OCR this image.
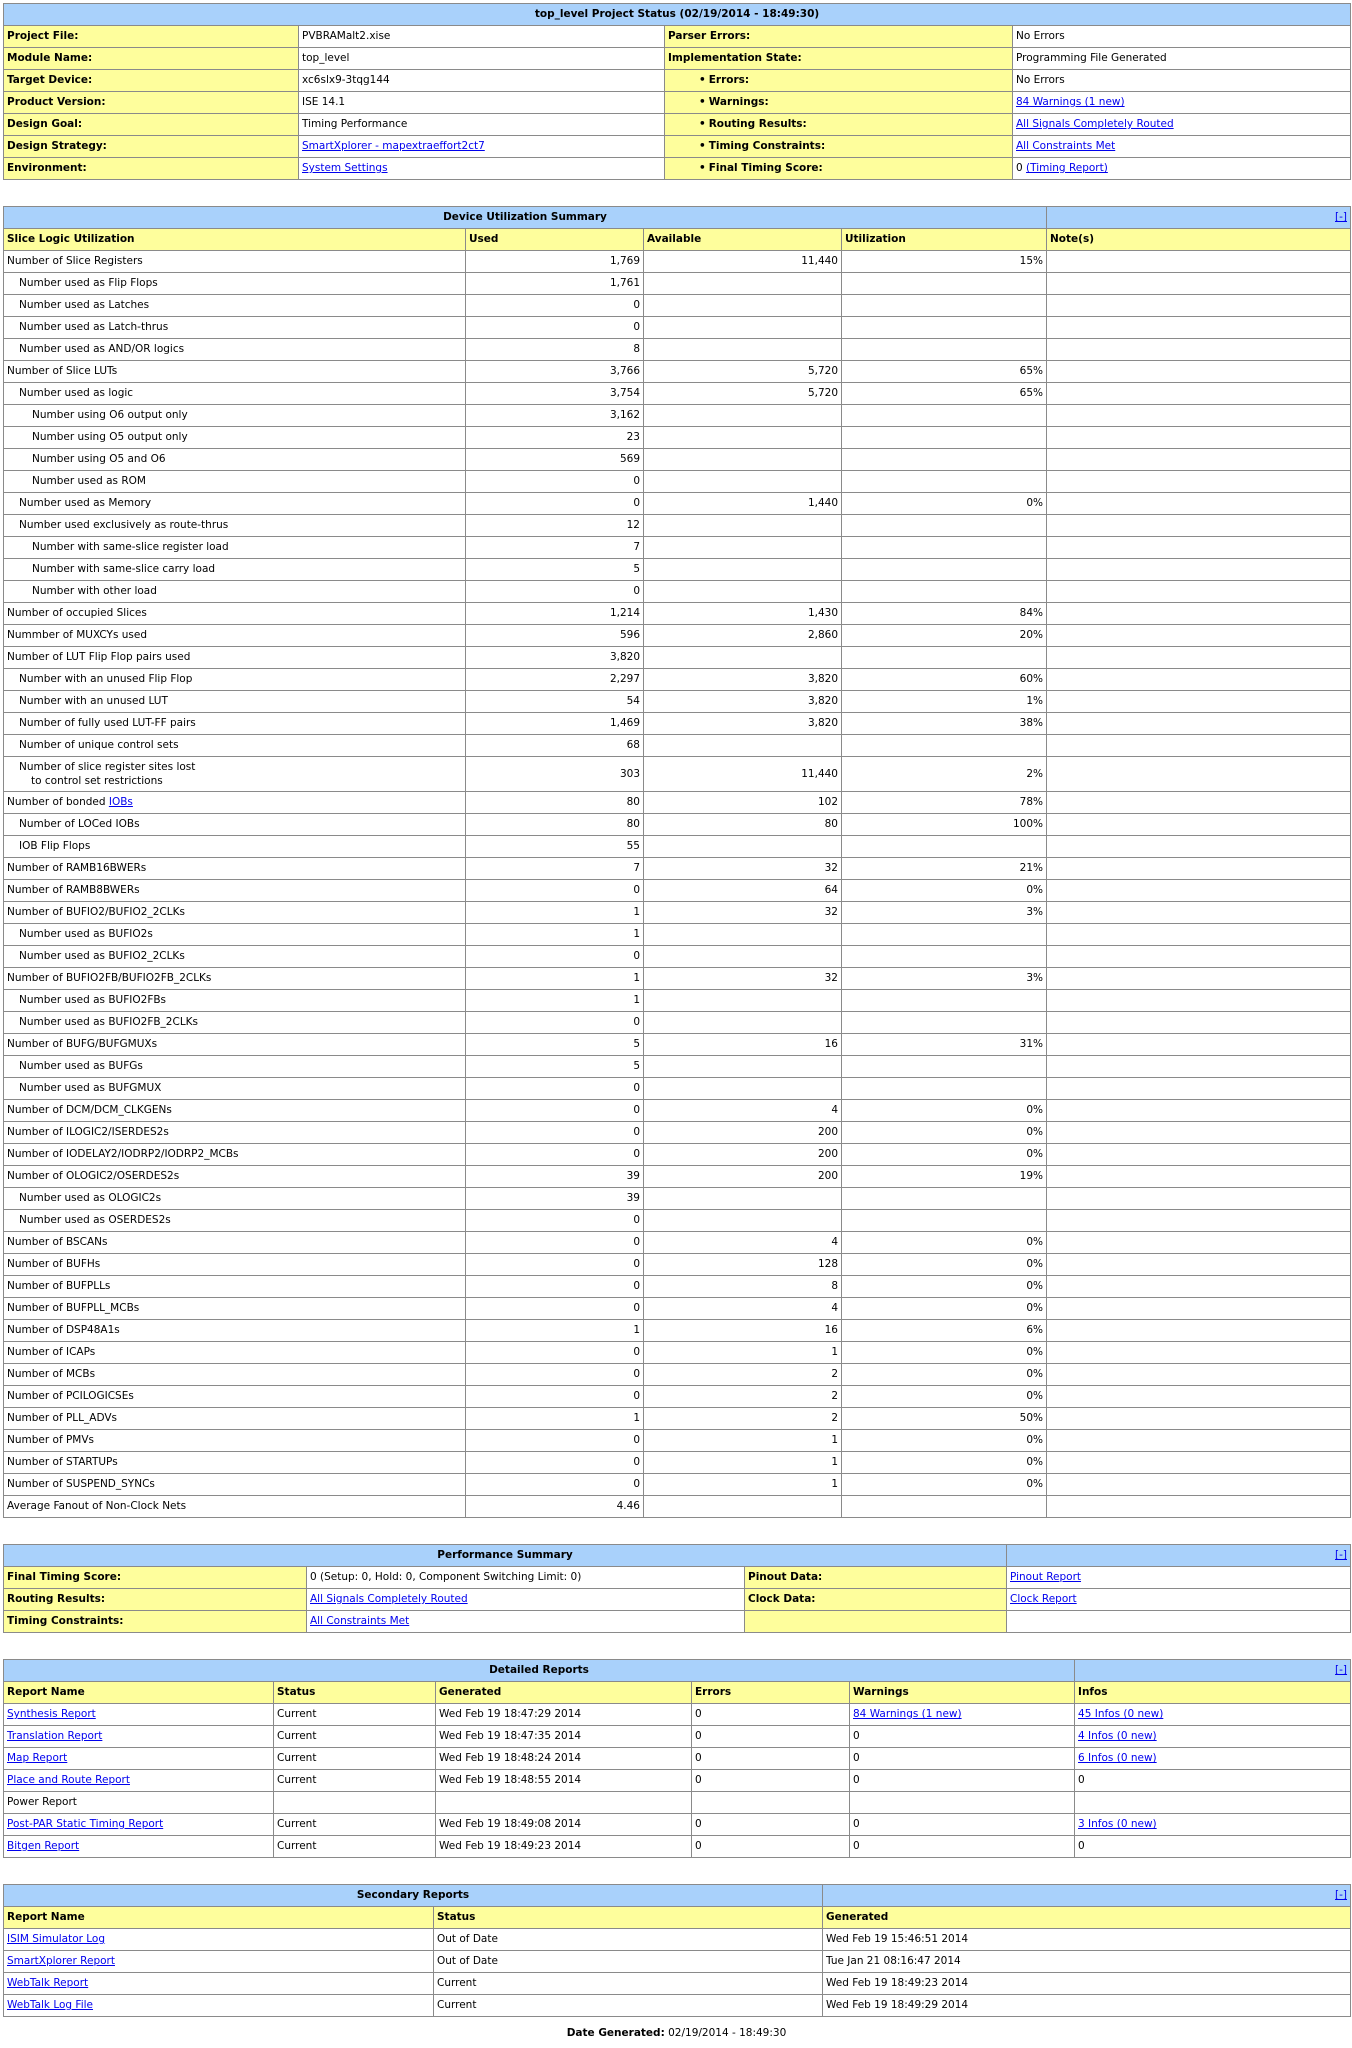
top_level Project Status (02/19/2014 - 18:49:30)			
Project File:	PVBRAMalt2.xise	Parser Errors:	No Errors
Module Name:	top_level	Implementation State:	Programming File Generated
Target Device:	xc6slx9-3tqg144	• Errors:	No Errors
Product Version:	ISE 14.1	• Warnings:	84 Warnings (1 new)
Design Goal:	Timing Performance	• Routing Results:	All Signals Completely Routed
Design Strategy:	SmartXplorer - mapextraeffort2ct7	• Timing Constraints:	All Constraints Met
Environment:	System Settings	• Final Timing Score:	0 (Timing Report)
Device Utilization Summary				[-]
Slice Logic Utilization	Used	Available	Utilization	Note(s)
Number of Slice Registers	1,769	11,440	15%	
Number used as Flip Flops	1,761			
Number used as Latches	0			
Number used as Latch-thrus	0			
Number used as AND/OR logics	8			
Number of Slice LUTs	3,766	5,720	65%	
Number used as logic	3,754	5,720	65%	
Number using O6 output only	3,162			
Number using O5 output only	23			
Number using O5 and O6	569			
Number used as ROM	0			
Number used as Memory	0	1,440	0%	
Number used exclusively as route-thrus	12			
Number with same-slice register load	7			
Number with same-slice carry load	5			
Number with other load	0			
Number of occupied Slices	1,214	1,430	84%	
Nummber of MUXCYs used	596	2,860	20%	
Number of LUT Flip Flop pairs used	3,820			
Number with an unused Flip Flop	2,297	3,820	60%	
Number with an unused LUT	54	3,820	1%	
Number of fully used LUT-FF pairs	1,469	3,820	38%	
Number of unique control sets	68			
Number of slice register sites lost
to control set restrictions	303	11,440	2%	
Number of bonded IOBs	80	102	78%	
Number of LOCed IOBs	80	80	100%	
IOB Flip Flops	55			
Number of RAMB16BWERs	7	32	21%	
Number of RAMB8BWERs	0	64	0%	
Number of BUFIO2/BUFIO2_2CLKs	1	32	3%	
Number used as BUFIO2s	1			
Number used as BUFIO2_2CLKs	0			
Number of BUFIO2FB/BUFIO2FB_2CLKs	1	32	3%	
Number used as BUFIO2FBs	1			
Number used as BUFIO2FB_2CLKs	0			
Number of BUFG/BUFGMUXs	5	16	31%	
Number used as BUFGs	5			
Number used as BUFGMUX	0			
Number of DCM/DCM_CLKGENs	0	4	0%	
Number of ILOGIC2/ISERDES2s	0	200	0%	
Number of IODELAY2/IODRP2/IODRP2_MCBs	0	200	0%	
Number of OLOGIC2/OSERDES2s	39	200	19%	
Number used as OLOGIC2s	39			
Number used as OSERDES2s	0			
Number of BSCANs	0	4	0%	
Number of BUFHs	0	128	0%	
Number of BUFPLLs	0	8	0%	
Number of BUFPLL_MCBs	0	4	0%	
Number of DSP48A1s	1	16	6%	
Number of ICAPs	0	1	0%	
Number of MCBs	0	2	0%	
Number of PCILOGICSEs	0	2	0%	
Number of PLL_ADVs	1	2	50%	
Number of PMVs	0	1	0%	
Number of STARTUPs	0	1	0%	
Number of SUSPEND_SYNCs	0	1	0%	
Average Fanout of Non-Clock Nets	4.46			
Performance Summary			[-]
Final Timing Score:	0 (Setup: 0, Hold: 0, Component Switching Limit: 0)	Pinout Data:	Pinout Report
Routing Results:	All Signals Completely Routed	Clock Data:	Clock Report
Timing Constraints:	All Constraints Met		
Detailed Reports					[-]
Report Name	Status	Generated	Errors	Warnings	Infos
Synthesis Report	Current	Wed Feb 19 18:47:29 2014	0	84 Warnings (1 new)	45 Infos (0 new)
Translation Report	Current	Wed Feb 19 18:47:35 2014	0	0	4 Infos (0 new)
Map Report	Current	Wed Feb 19 18:48:24 2014	0	0	6 Infos (0 new)
Place and Route Report	Current	Wed Feb 19 18:48:55 2014	0	0	0
Power Report					
Post-PAR Static Timing Report	Current	Wed Feb 19 18:49:08 2014	0	0	3 Infos (0 new)
Bitgen Report	Current	Wed Feb 19 18:49:23 2014	0	0	0
Secondary Reports		[-]
Report Name	Status	Generated
ISIM Simulator Log	Out of Date	Wed Feb 19 15:46:51 2014
SmartXplorer Report	Out of Date	Tue Jan 21 08:16:47 2014
WebTalk Report	Current	Wed Feb 19 18:49:23 2014
WebTalk Log File	Current	Wed Feb 19 18:49:29 2014
Date Generated: 02/19/2014 - 18:49:30
